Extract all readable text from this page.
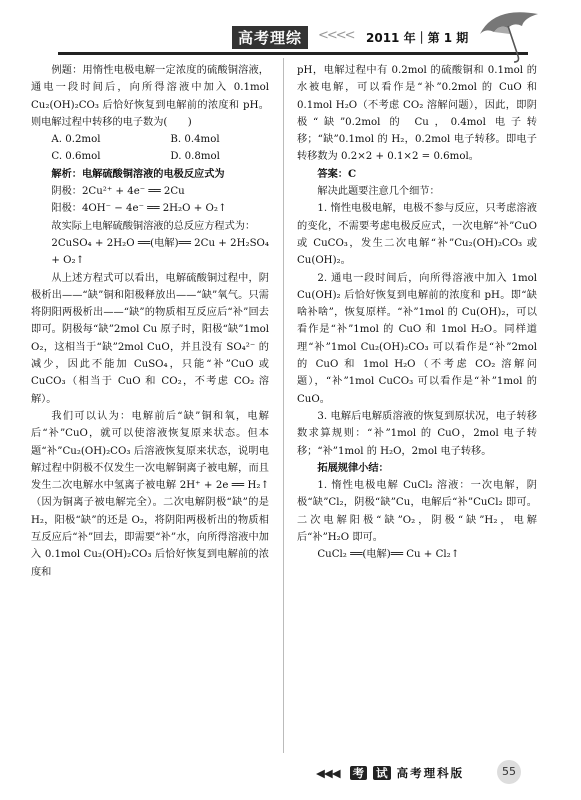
高考理综	<<<< 2011 年｜第 1 期

例题：用惰性电极电解一定浓度的硫酸铜溶液，通电一段时间后，向所得溶液中加入 0.1mol Cu₂(OH)₂CO₃ 后恰好恢复到电解前的浓度和 pH。则电解过程中转移的电子数为(　　)

A. 0.2mol	B. 0.4mol
C. 0.6mol	D. 0.8mol

解析：电解硫酸铜溶液的电极反应式为

阴极：2Cu²⁺ + 4e⁻ ══ 2Cu

阳极：4OH⁻ − 4e⁻ ══ 2H₂O + O₂↑

故实际上电解硫酸铜溶液的总反应方程式为：

2CuSO₄ + 2H₂O ══(电解)══ 2Cu + 2H₂SO₄ + O₂↑

从上述方程式可以看出，电解硫酸铜过程中，阴极析出——“缺”铜和阳极释放出——“缺”氧气。只需将阴阳两极析出——“缺”的物质相互反应后“补”回去即可。阴极每“缺”2mol Cu 原子时，阳极“缺”1mol O₂，这相当于“缺”2mol CuO，并且没有 SO₄²⁻ 的减少，因此不能加 CuSO₄，只能“补”CuO 或 CuCO₃（相当于 CuO 和 CO₂，不考虑 CO₂ 溶解）。

我们可以认为：电解前后“缺”铜和氧，电解后“补”CuO，就可以使溶液恢复原来状态。但本题“补”Cu₂(OH)₂CO₃ 后溶液恢复原来状态，说明电解过程中阴极不仅发生一次电解铜离子被电解，而且发生二次电解水中氢离子被电解 2H⁺ + 2e ══ H₂↑（因为铜离子被电解完全）。二次电解阴极“缺”的是 H₂，阳极“缺”的还是 O₂，将阴阳两极析出的物质相互反应后“补”回去，即需要“补”水，向所得溶液中加入 0.1mol Cu₂(OH)₂CO₃ 后恰好恢复到电解前的浓度和

pH，电解过程中有 0.2mol 的硫酸铜和 0.1mol 的水被电解，可以看作是“补”0.2mol 的 CuO 和 0.1mol H₂O（不考虑 CO₂ 溶解问题），因此，即阴极“缺”0.2mol 的 Cu，0.4mol 电子转移；“缺”0.1mol 的 H₂，0.2mol 电子转移。即电子转移数为 0.2×2 + 0.1×2 = 0.6mol。

答案：C

解决此题要注意几个细节：

1. 惰性电极电解，电极不参与反应，只考虑溶液的变化，不需要考虑电极反应式，一次电解“补”CuO 或 CuCO₃，发生二次电解“补”Cu₂(OH)₂CO₃ 或 Cu(OH)₂。

2. 通电一段时间后，向所得溶液中加入 1mol Cu(OH)₂ 后恰好恢复到电解前的浓度和 pH。即“缺啥补啥”，恢复原样。“补”1mol 的 Cu(OH)₂，可以看作是“补”1mol 的 CuO 和 1mol H₂O。同样道理“补”1mol Cu₂(OH)₂CO₃ 可以看作是“补”2mol 的 CuO 和 1mol H₂O（不考虑 CO₂ 溶解问题），“补”1mol CuCO₃ 可以看作是“补”1mol 的 CuO。

3. 电解后电解质溶液的恢复到原状况，电子转移数求算规则：“补”1mol 的 CuO，2mol 电子转移；“补”1mol 的 H₂O，2mol 电子转移。

拓展规律小结：

1. 惰性电极电解 CuCl₂ 溶液：一次电解，阴极“缺”Cl₂，阴极“缺”Cu，电解后“补”CuCl₂ 即可。二次电解阳极“缺”O₂，阴极“缺”H₂，电解后“补”H₂O 即可。

CuCl₂ ══(电解)══ Cu + Cl₂↑

◀◀◀ 考 试 高考理科版	55
